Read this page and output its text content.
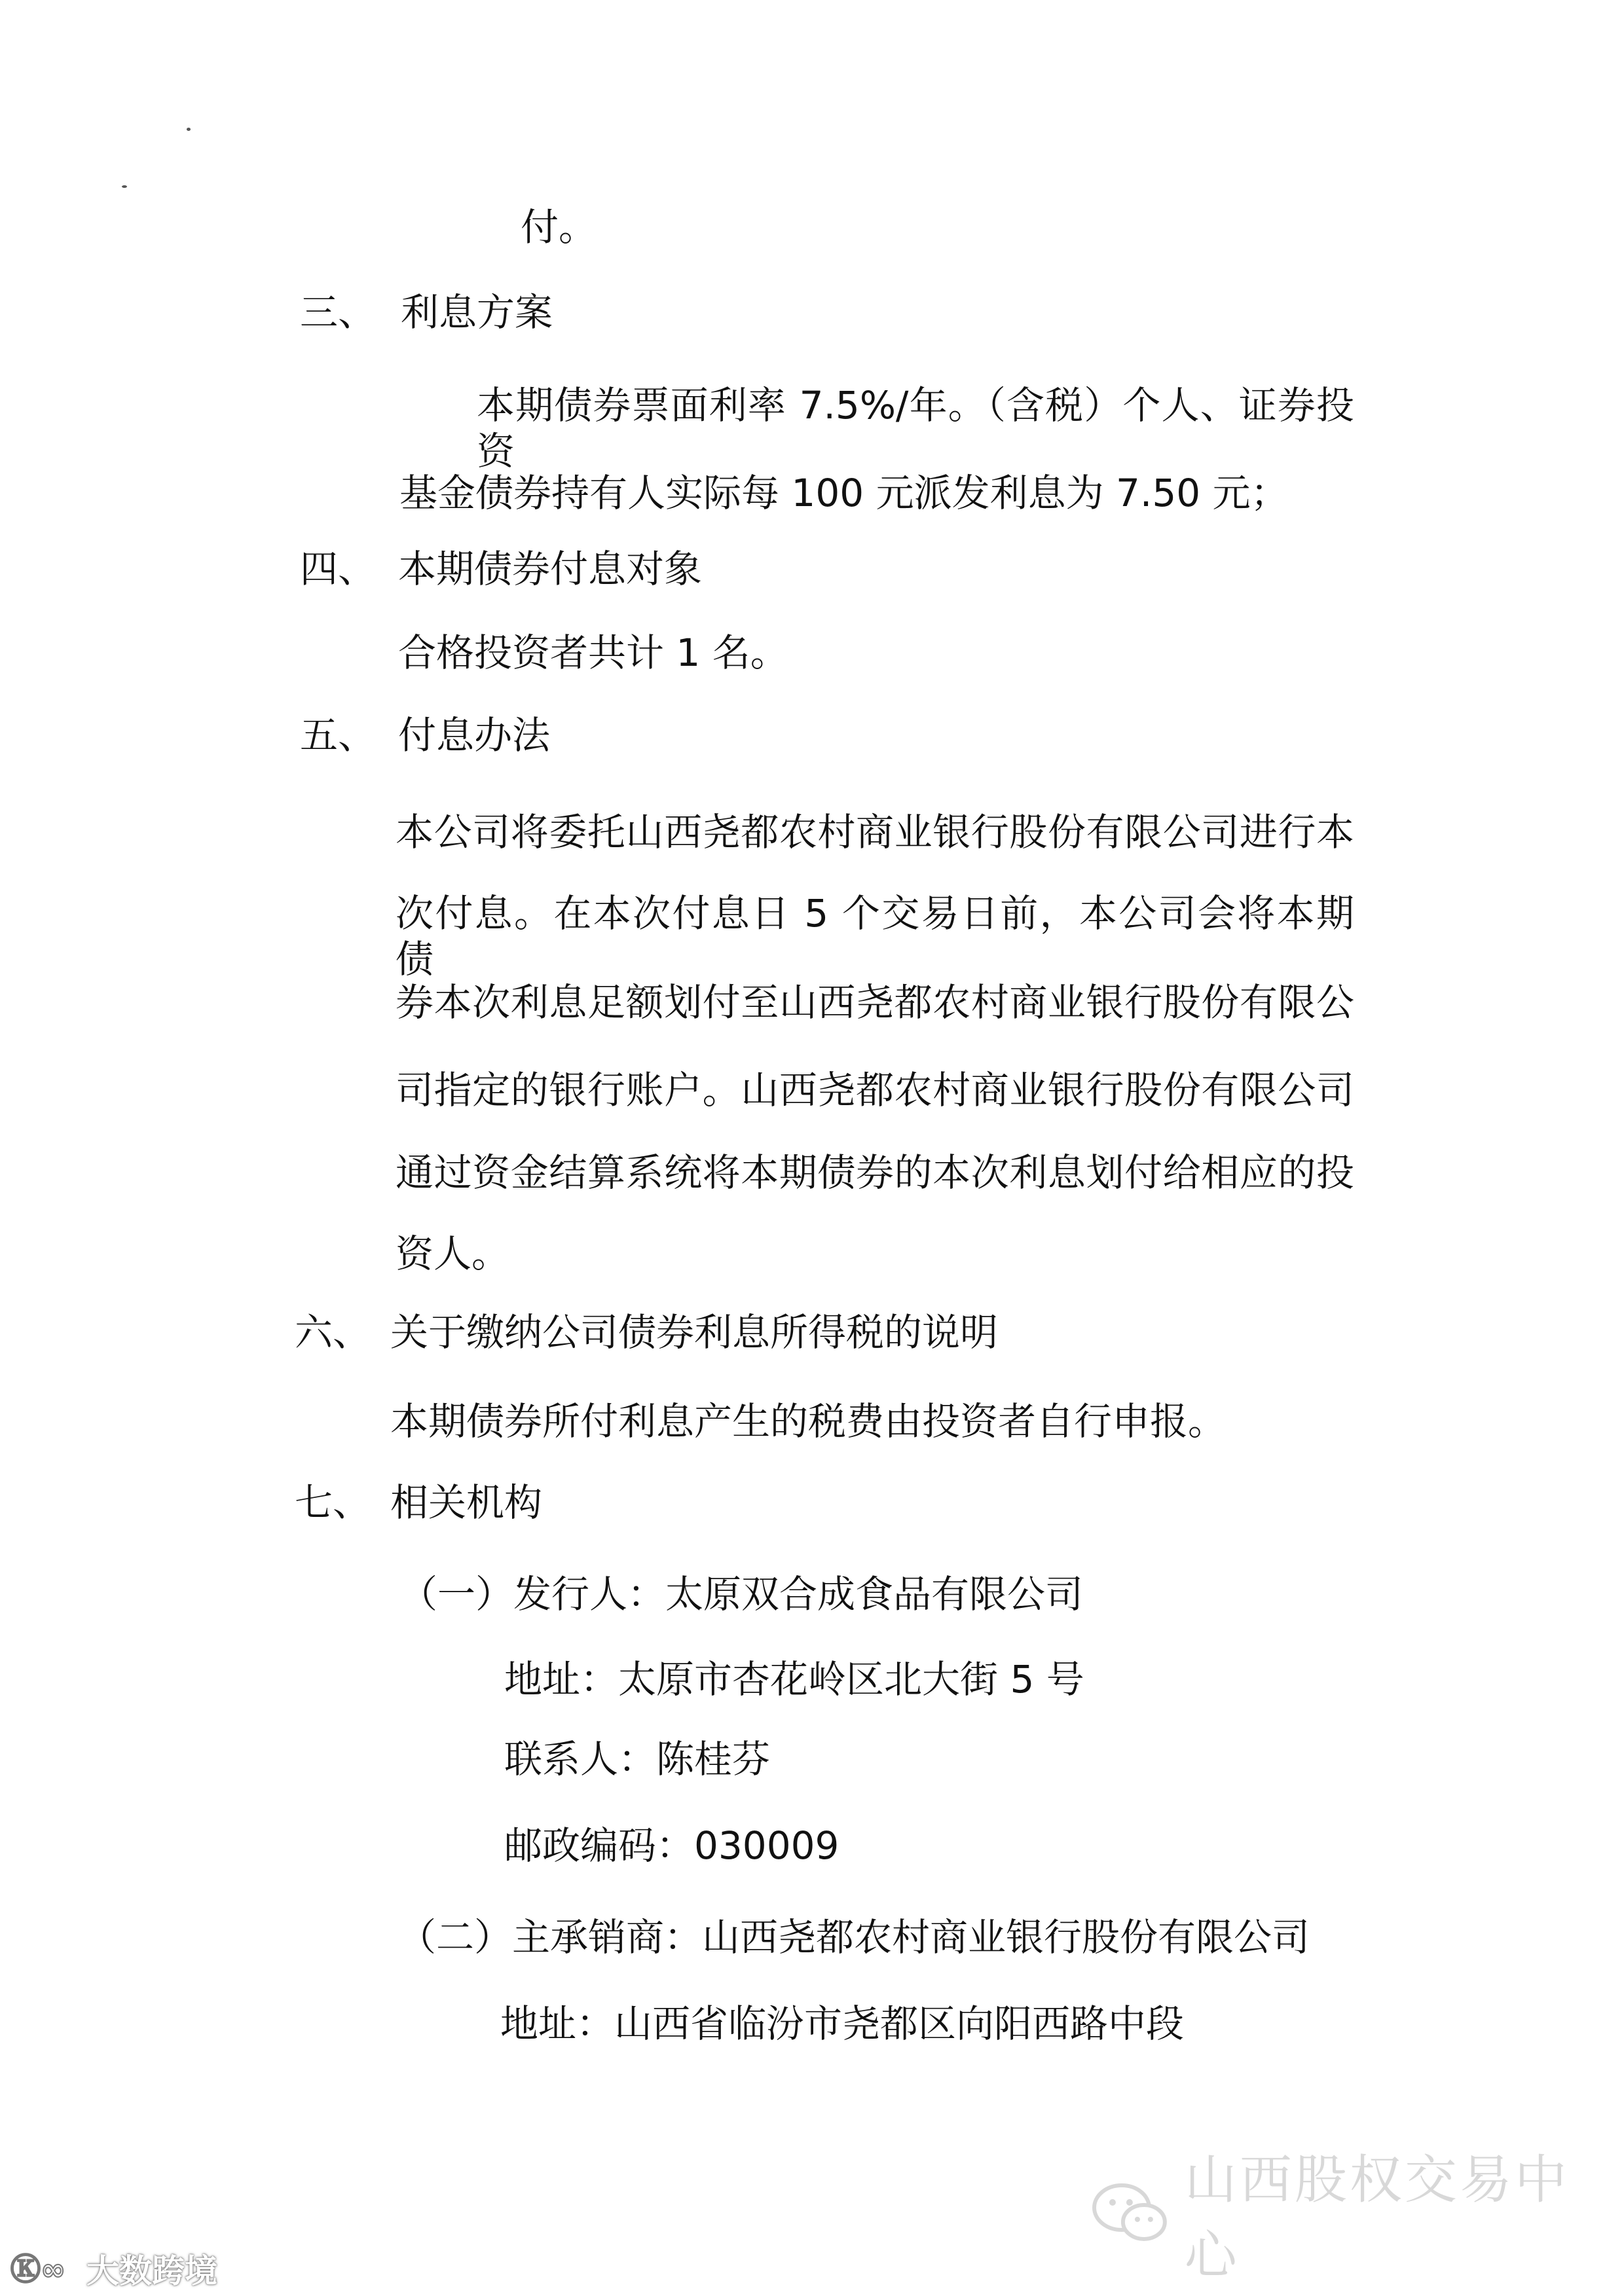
付。
三、 利息方案
本期债券票面利率 7.5%/年。（含税）个人、证券投资
基金债券持有人实际每 100 元派发利息为 7.50 元；
四、 本期债券付息对象
合格投资者共计 1 名。
五、 付息办法
本公司将委托山西尧都农村商业银行股份有限公司进行本
次付息。在本次付息日 5 个交易日前，本公司会将本期债
券本次利息足额划付至山西尧都农村商业银行股份有限公
司指定的银行账户。山西尧都农村商业银行股份有限公司
通过资金结算系统将本期债券的本次利息划付给相应的投
资人。
六、 关于缴纳公司债券利息所得税的说明
本期债券所付利息产生的税费由投资者自行申报。
七、 相关机构
（一）发行人：太原双合成食品有限公司
地址：太原市杏花岭区北大街 5 号
联系人：陈桂芬
邮政编码：030009
（二）主承销商：山西尧都农村商业银行股份有限公司
地址：山西省临汾市尧都区向阳西路中段
山西股权交易中心
Ⓚ∞ 大数跨境
